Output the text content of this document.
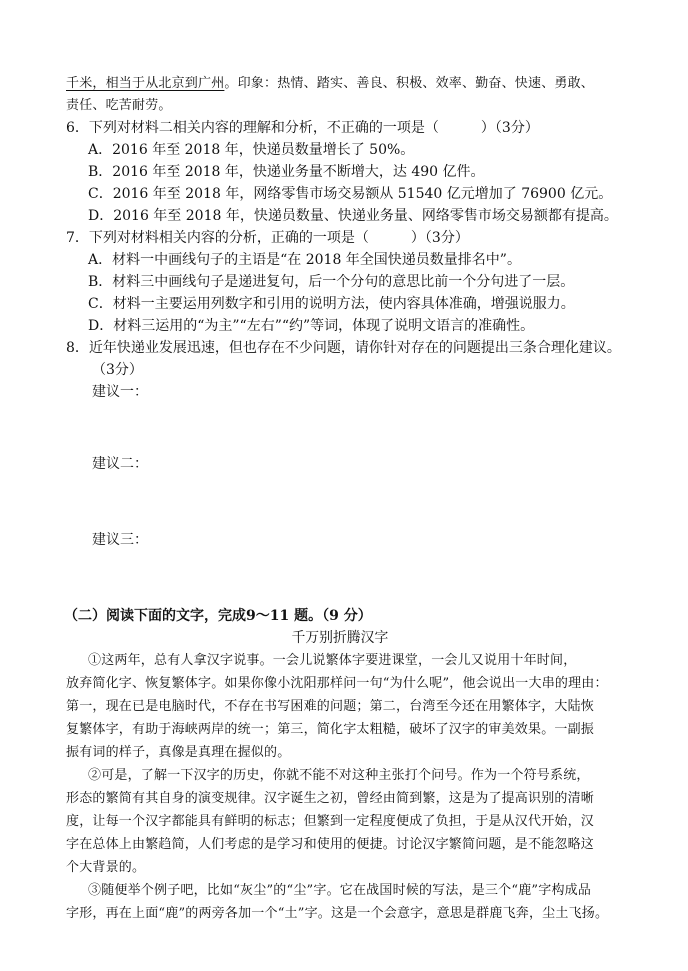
千米，相当于从北京到广州。印象：热情、踏实、善良、积极、效率、勤奋、快速、勇敢、
责任、吃苦耐劳。
6．下列对材料二相关内容的理解和分析，不正确的一项是（　　　）（3分）
A．2016 年至 2018 年，快递员数量增长了 50%。
B．2016 年至 2018 年，快递业务量不断增大，达 490 亿件。
C．2016 年至 2018 年，网络零售市场交易额从 51540 亿元增加了 76900 亿元。
D．2016 年至 2018 年，快递员数量、快递业务量、网络零售市场交易额都有提高。
7．下列对材料相关内容的分析，正确的一项是（　　　）（3分）
A．材料一中画线句子的主语是“在 2018 年全国快递员数量排名中”。
B．材料三中画线句子是递进复句，后一个分句的意思比前一个分句进了一层。
C．材料一主要运用列数字和引用的说明方法，使内容具体准确，增强说服力。
D．材料三运用的“为主”“左右”“约”等词，体现了说明文语言的准确性。
8．近年快递业发展迅速，但也存在不少问题，请你针对存在的问题提出三条合理化建议。
（3分）
建议一：
建议二：
建议三：
（二）阅读下面的文字，完成9～11 题。（9 分）
千万别折腾汉字
①这两年，总有人拿汉字说事。一会儿说繁体字要进课堂，一会儿又说用十年时间，
放弃简化字、恢复繁体字。如果你像小沈阳那样问一句“为什么呢”，他会说出一大串的理由：
第一，现在已是电脑时代，不存在书写困难的问题；第二，台湾至今还在用繁体字，大陆恢
复繁体字，有助于海峡两岸的统一；第三，简化字太粗糙，破坏了汉字的审美效果。一副振
振有词的样子，真像是真理在握似的。
②可是，了解一下汉字的历史，你就不能不对这种主张打个问号。作为一个符号系统，
形态的繁简有其自身的演变规律。汉字诞生之初，曾经由简到繁，这是为了提高识别的清晰
度，让每一个汉字都能具有鲜明的标志；但繁到一定程度便成了负担，于是从汉代开始，汉
字在总体上由繁趋简，人们考虑的是学习和使用的便捷。讨论汉字繁简问题，是不能忽略这
个大背景的。
③随便举个例子吧，比如“灰尘”的“尘”字。它在战国时候的写法，是三个“鹿”字构成品
字形，再在上面“鹿”的两旁各加一个“土”字。这是一个会意字，意思是群鹿飞奔，尘土飞扬。
